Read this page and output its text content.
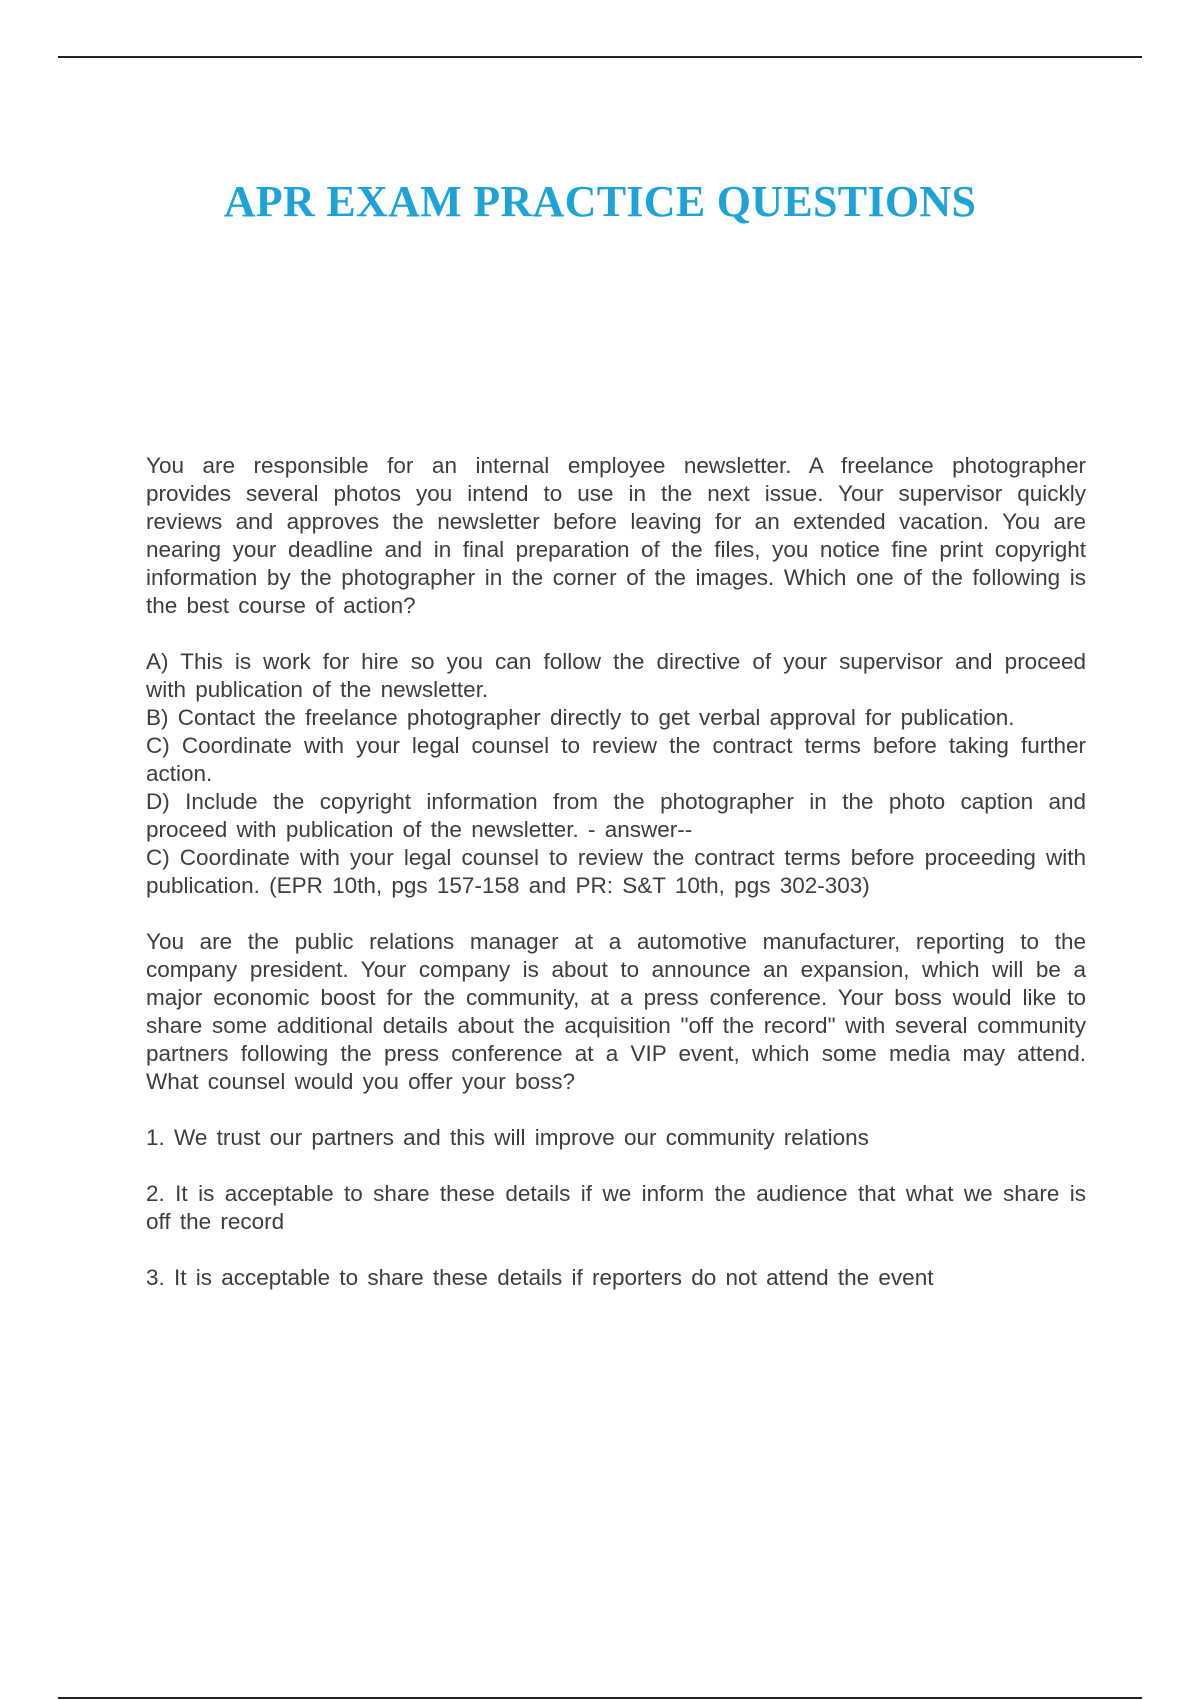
APR EXAM PRACTICE QUESTIONS

You are responsible for an internal employee newsletter. A freelance photographer provides several photos you intend to use in the next issue. Your supervisor quickly reviews and approves the newsletter before leaving for an extended vacation. You are nearing your deadline and in final preparation of the files, you notice fine print copyright information by the photographer in the corner of the images. Which one of the following is the best course of action?

A) This is work for hire so you can follow the directive of your supervisor and proceed with publication of the newsletter.

B) Contact the freelance photographer directly to get verbal approval for publication.

C) Coordinate with your legal counsel to review the contract terms before taking further action.

D) Include the copyright information from the photographer in the photo caption and proceed with publication of the newsletter. - answer--

C) Coordinate with your legal counsel to review the contract terms before proceeding with publication. (EPR 10th, pgs 157-158 and PR: S&T 10th, pgs 302-303)

You are the public relations manager at a automotive manufacturer, reporting to the company president. Your company is about to announce an expansion, which will be a major economic boost for the community, at a press conference. Your boss would like to share some additional details about the acquisition "off the record" with several community partners following the press conference at a VIP event, which some media may attend. What counsel would you offer your boss?

1. We trust our partners and this will improve our community relations

2. It is acceptable to share these details if we inform the audience that what we share is off the record

3. It is acceptable to share these details if reporters do not attend the event
